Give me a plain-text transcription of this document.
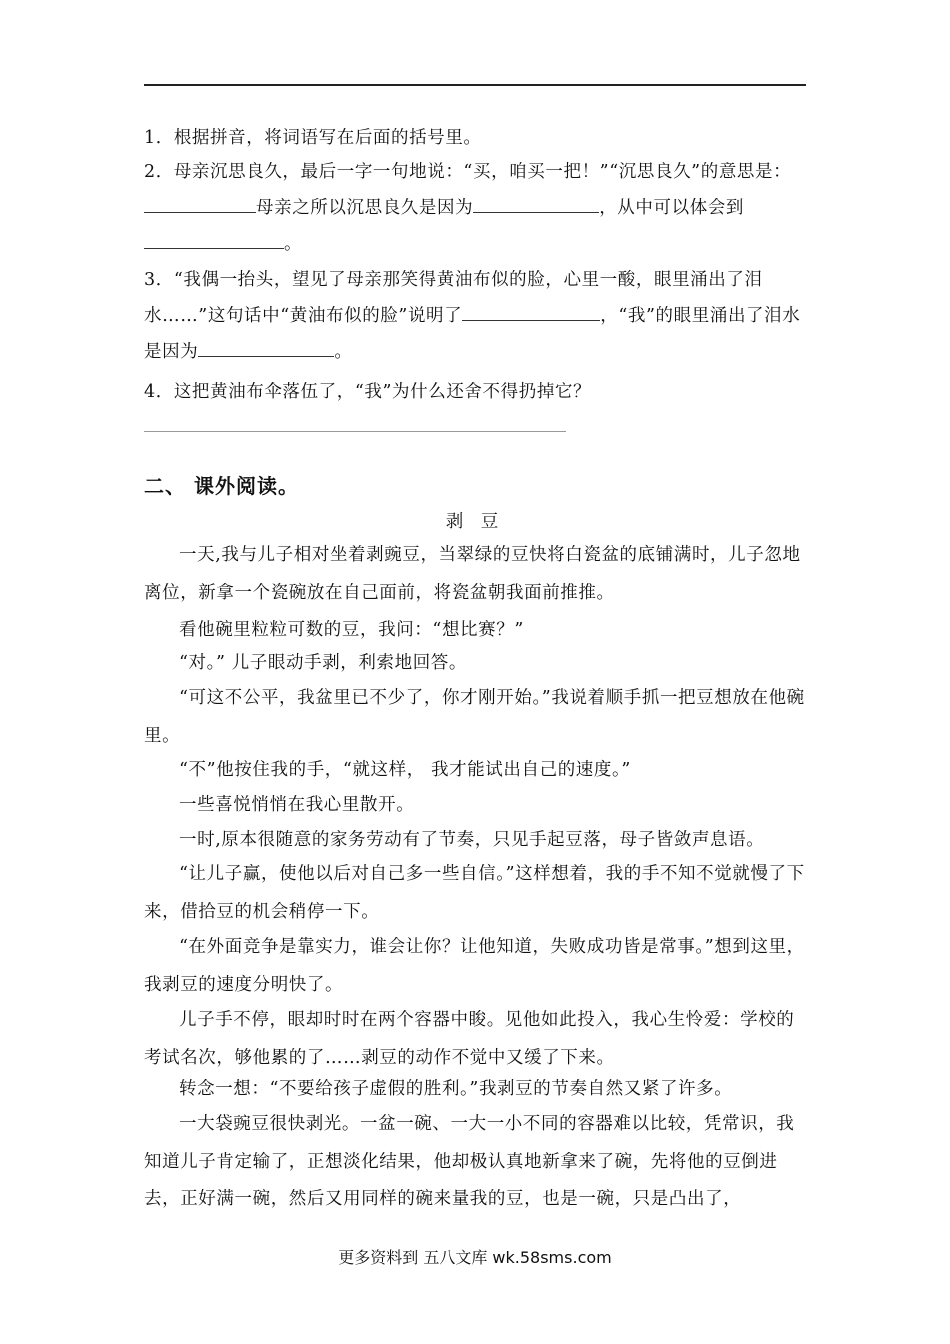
1．根据拼音，将词语写在后面的括号里。
2．母亲沉思良久，最后一字一句地说：“买，咱买一把！”“沉思良久”的意思是：母亲之所以沉思良久是因为	，从中可以体会到。
3．“我偶一抬头，望见了母亲那笑得黄油布似的脸，心里一酸，眼里涌出了泪水……”这句话中“黄油布似的脸”说明了	，“我”的眼里涌出了泪水是因为	。
4．这把黄油布伞落伍了，“我”为什么还舍不得扔掉它？
二、 课外阅读。
剥 豆
一天,我与儿子相对坐着剥豌豆，当翠绿的豆快将白瓷盆的底铺满时，儿子忽地离位，新拿一个瓷碗放在自己面前，将瓷盆朝我面前推推。
看他碗里粒粒可数的豆，我问：“想比赛？”
“对。” 儿子眼动手剥，利索地回答。
“可这不公平，我盆里已不少了，你才刚开始。”我说着顺手抓一把豆想放在他碗里。
“不”他按住我的手，“就这样， 我才能试出自己的速度。”
一些喜悦悄悄在我心里散开。
一时,原本很随意的家务劳动有了节奏，只见手起豆落，母子皆敛声息语。
“让儿子赢，使他以后对自己多一些自信。”这样想着，我的手不知不觉就慢了下来，借拾豆的机会稍停一下。
“在外面竞争是靠实力，谁会让你？让他知道，失败成功皆是常事。”想到这里，我剥豆的速度分明快了。
儿子手不停，眼却时时在两个容器中睃。见他如此投入，我心生怜爱：学校的考试名次，够他累的了……剥豆的动作不觉中又缓了下来。
转念一想：“不要给孩子虚假的胜利。”我剥豆的节奏自然又紧了许多。
一大袋豌豆很快剥光。一盆一碗、一大一小不同的容器难以比较，凭常识，我知道儿子肯定输了，正想淡化结果，他却极认真地新拿来了碗，先将他的豆倒进去，正好满一碗，然后又用同样的碗来量我的豆，也是一碗，只是凸出了，
更多资料到 五八文库 wk.58sms.com
